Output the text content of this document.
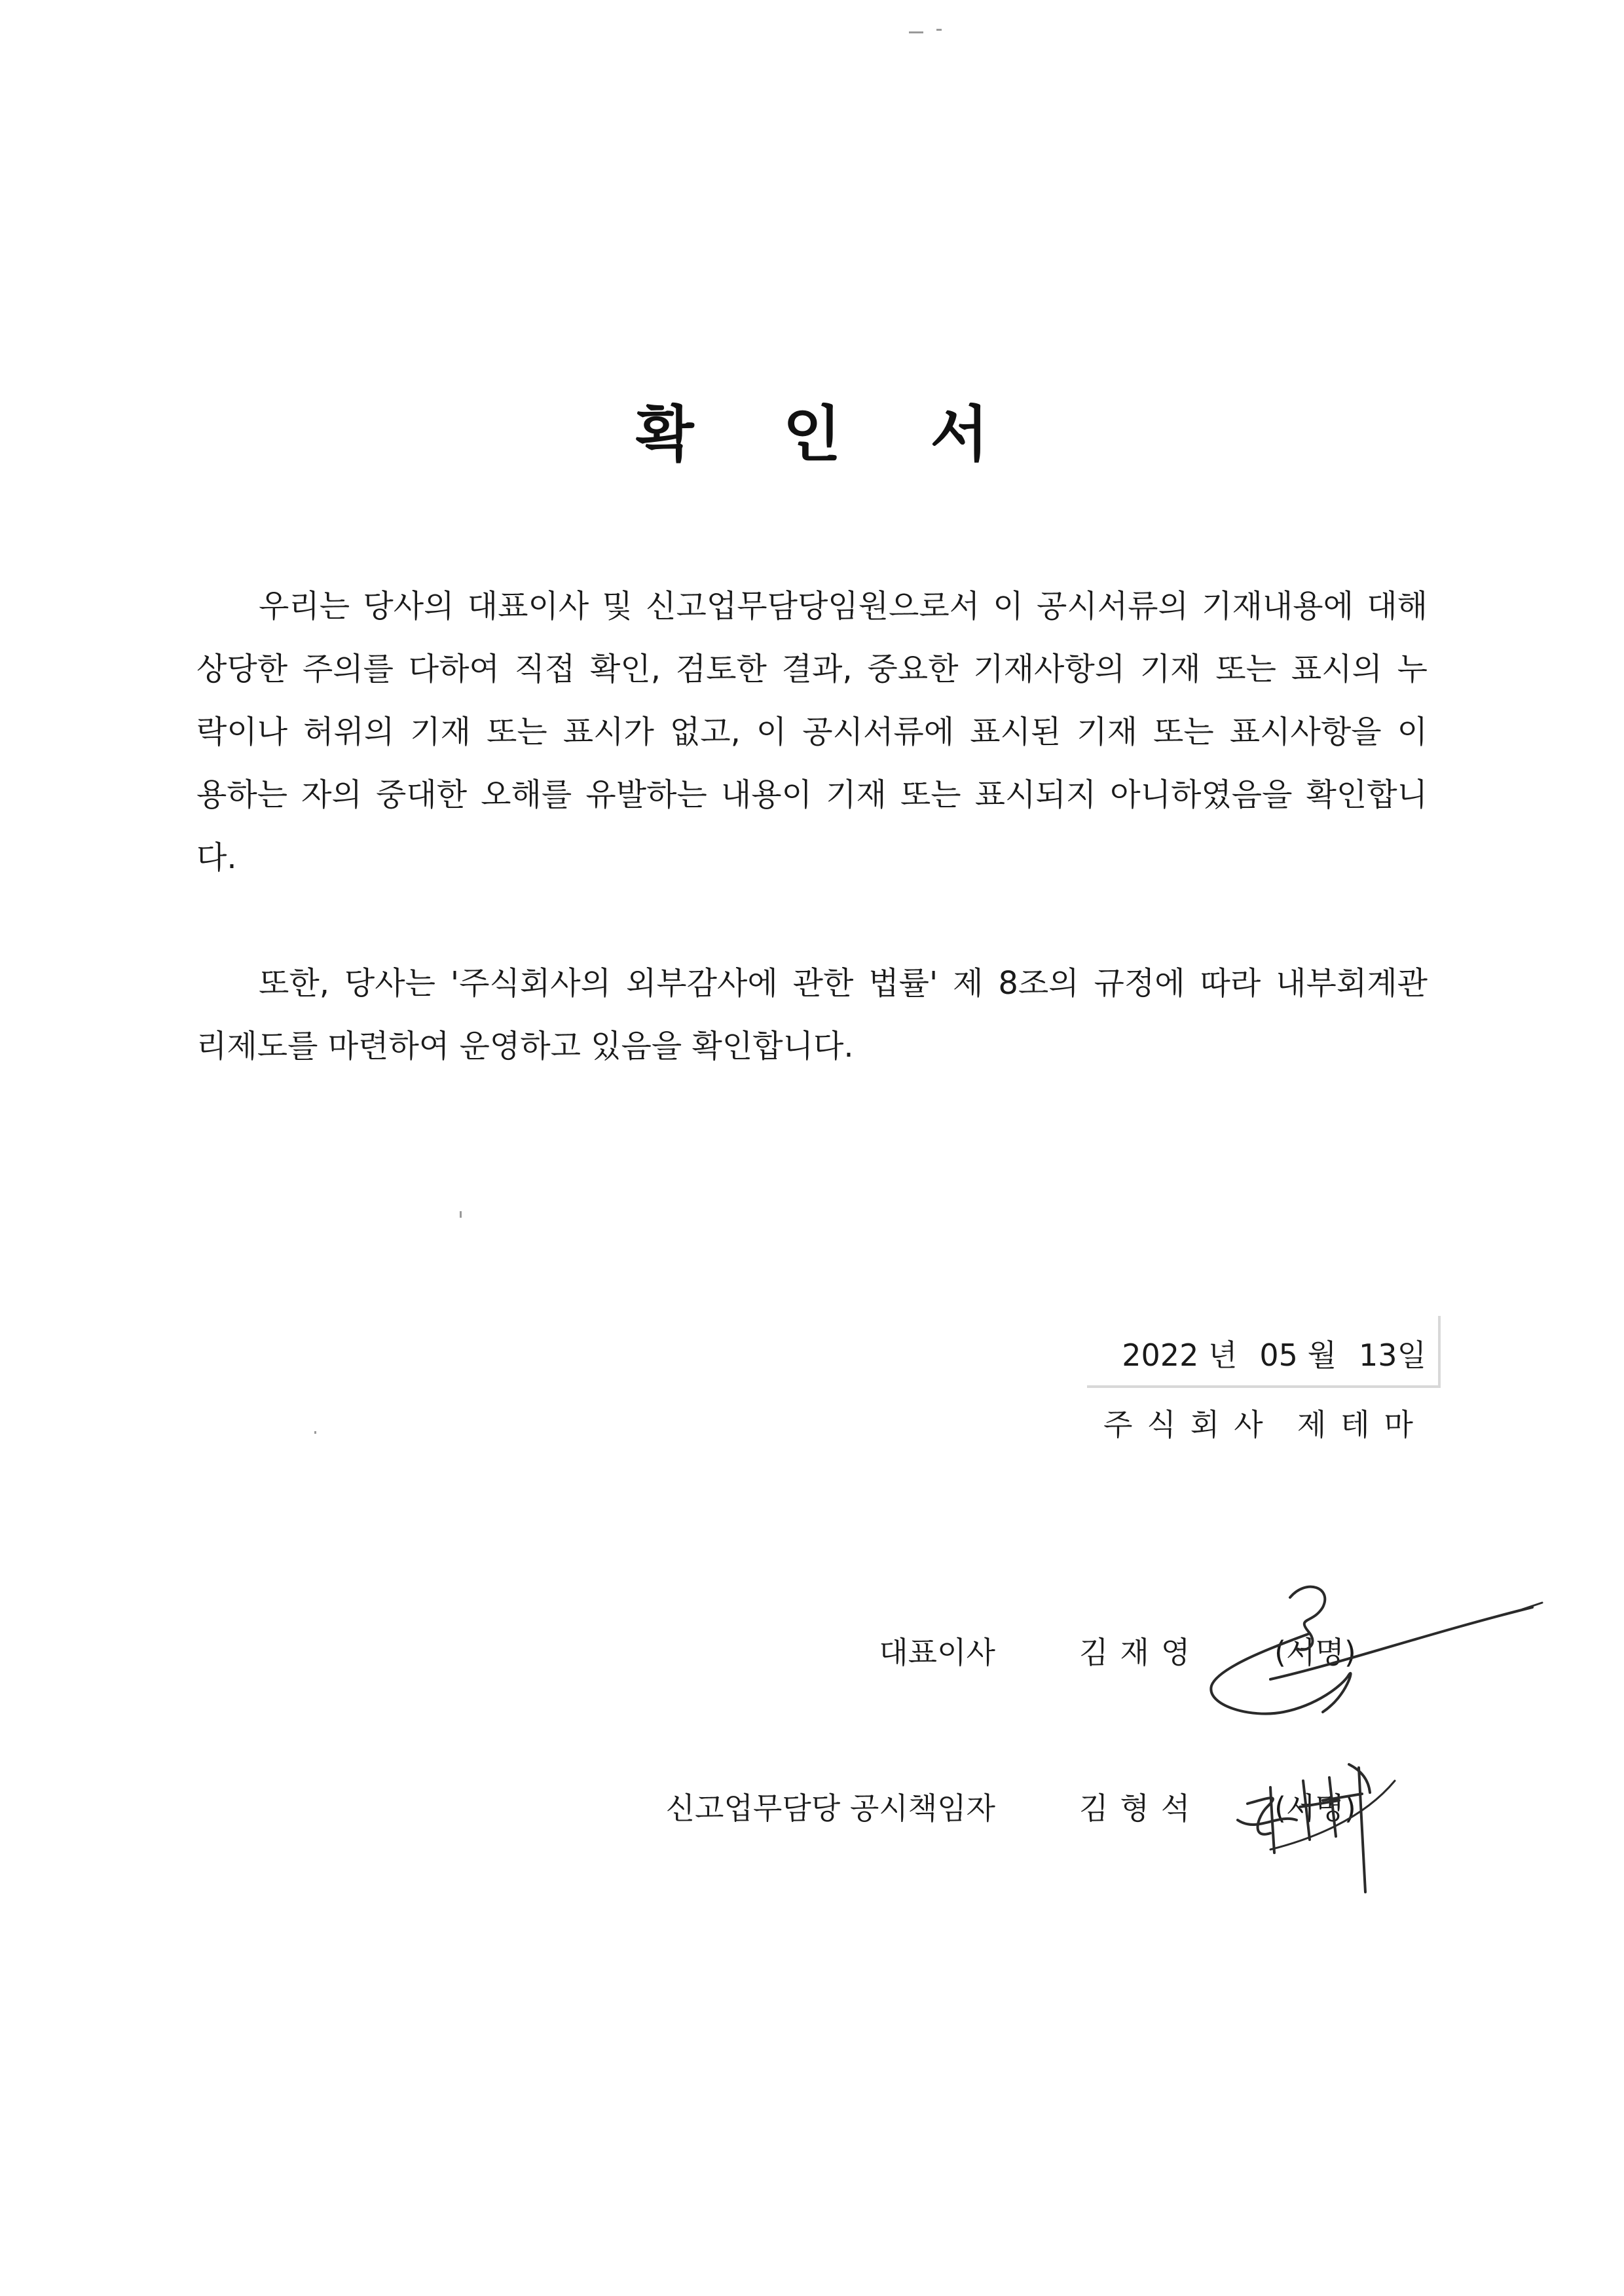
확 인 서
우리는 당사의 대표이사 및 신고업무담당임원으로서 이 공시서류의 기재내용에 대해
상당한 주의를 다하여 직접 확인, 검토한 결과, 중요한 기재사항의 기재 또는 표시의 누
락이나 허위의 기재 또는 표시가 없고, 이 공시서류에 표시된 기재 또는 표시사항을 이
용하는 자의 중대한 오해를 유발하는 내용이 기재 또는 표시되지 아니하였음을 확인합니
다.
또한, 당사는 '주식회사의 외부감사에 관한 법률' 제 8조의 규정에 따라 내부회계관
리제도를 마련하여 운영하고 있음을 확인합니다.
2022 년 05 월 13일
주식회사 제테마
대표이사	김재영 (서명)
신고업무담당 공시책임자	김형석 (서명)
